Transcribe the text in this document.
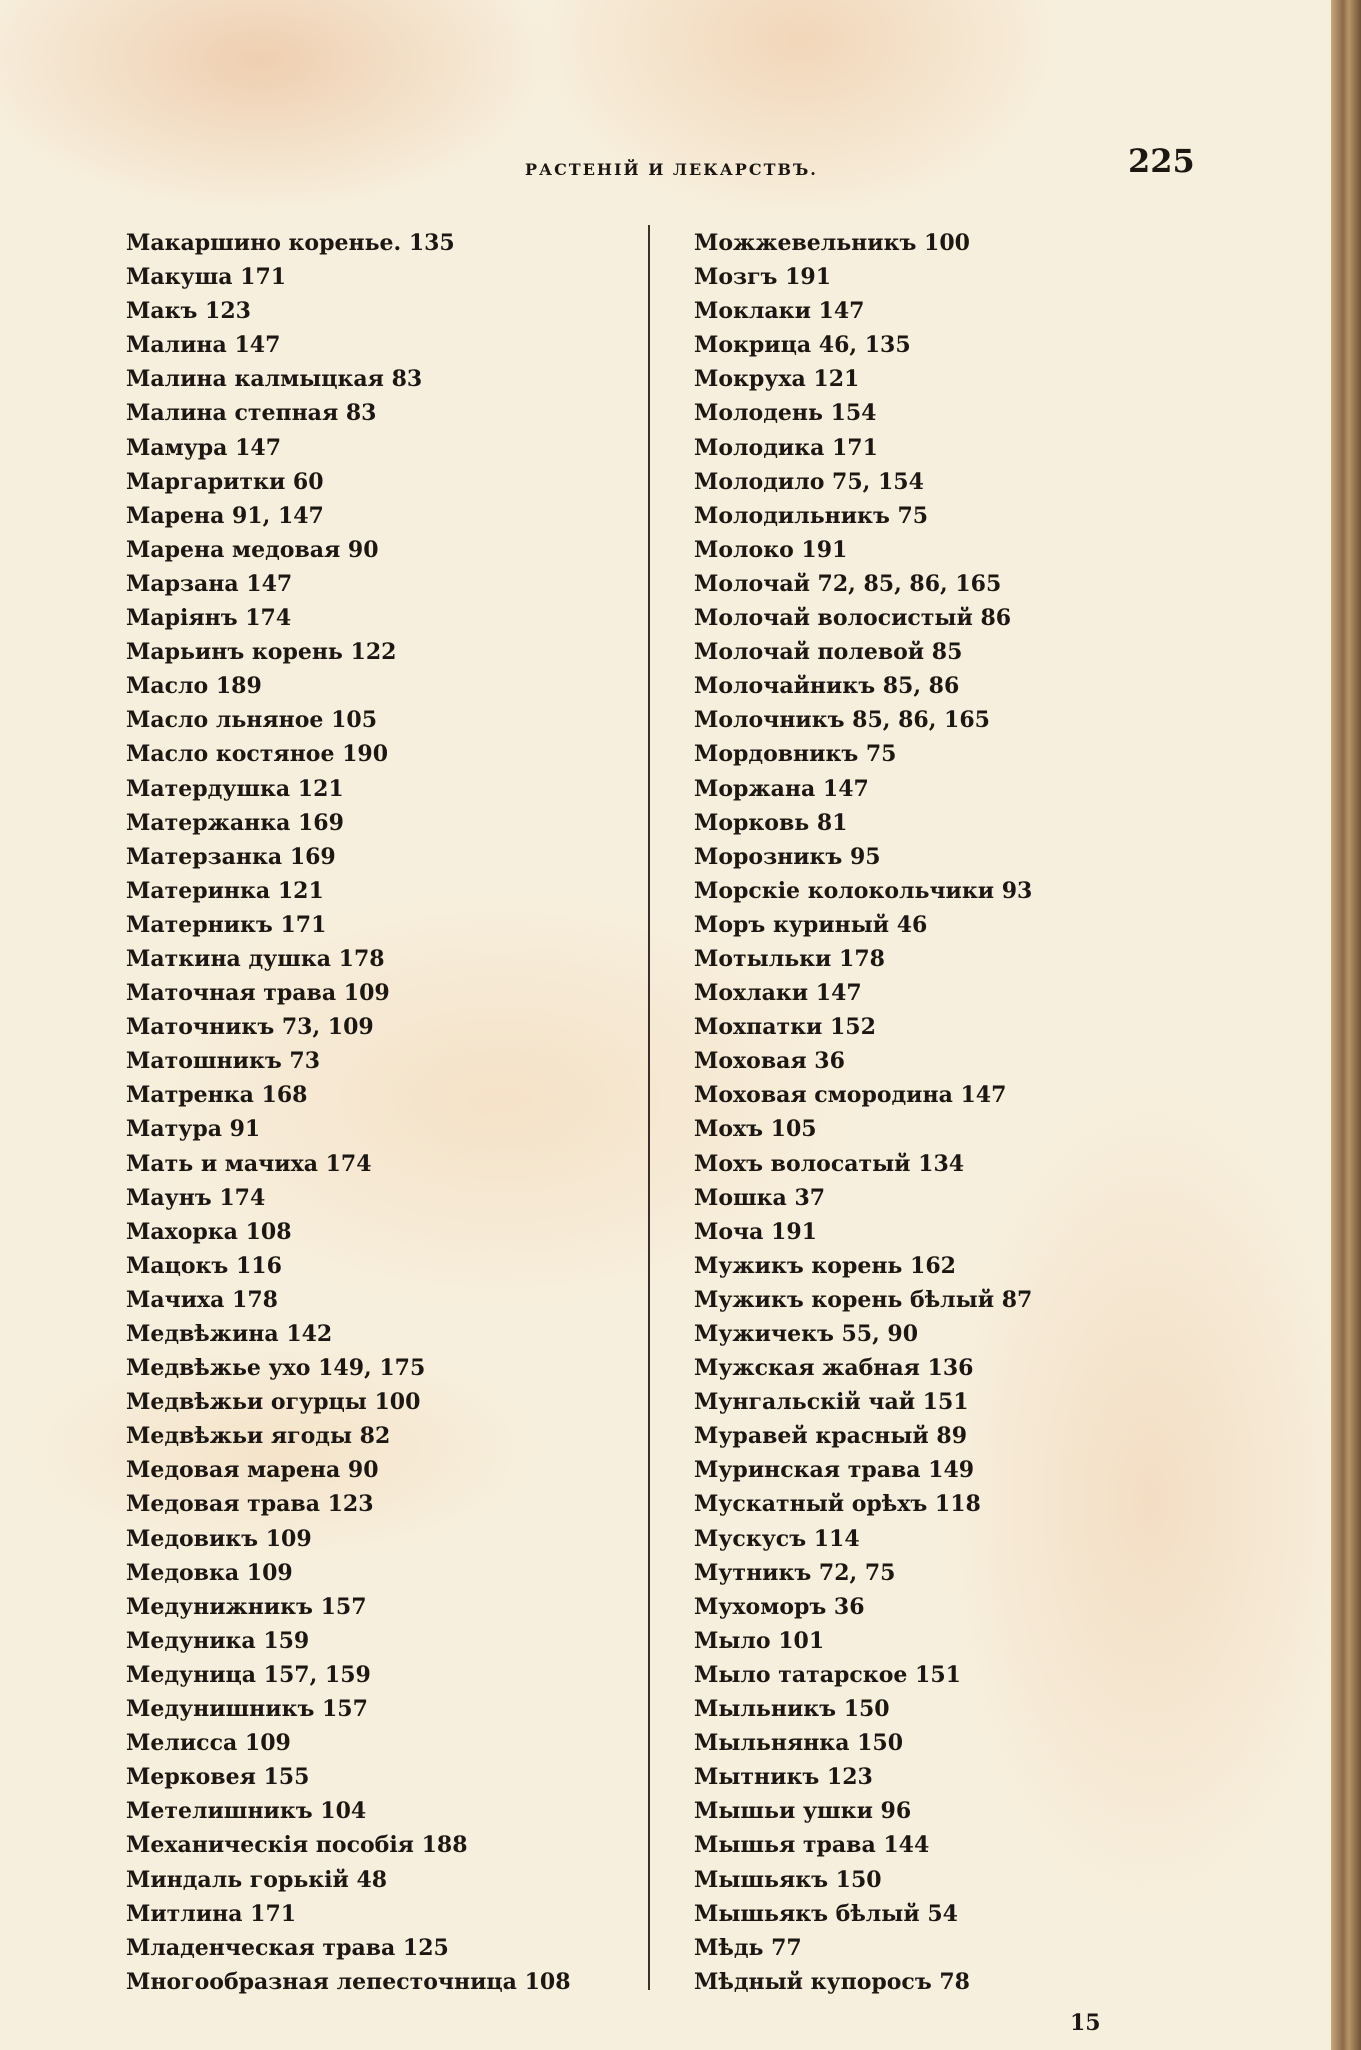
РАСТЕНІЙ И ЛЕКАРСТВЪ.	225
Макаршино коренье. 135
Макуша 171
Макъ 123
Малина 147
Малина калмыцкая 83
Малина степная 83
Мамура 147
Маргаритки 60
Марена 91, 147
Марена медовая 90
Марзана 147
Маріянъ 174
Марьинъ корень 122
Масло 189
Масло льняное 105
Масло костяное 190
Матердушка 121
Матержанка 169
Матерзанка 169
Материнка 121
Матерникъ 171
Маткина душка 178
Маточная трава 109
Маточникъ 73, 109
Матошникъ 73
Матренка 168
Матура 91
Мать и мачиха 174
Маунъ 174
Махорка 108
Мацокъ 116
Мачиха 178
Медвѣжина 142
Медвѣжье ухо 149, 175
Медвѣжьи огурцы 100
Медвѣжьи ягоды 82
Медовая марена 90
Медовая трава 123
Медовикъ 109
Медовка 109
Медунижникъ 157
Медуника 159
Медуница 157, 159
Медунишникъ 157
Мелисса 109
Мерковея 155
Метелишникъ 104
Механическія пособія 188
Миндаль горькій 48
Митлина 171
Младенческая трава 125
Многообразная лепесточница 108
Можжевельникъ 100
Мозгъ 191
Моклаки 147
Мокрица 46, 135
Мокруха 121
Молодень 154
Молодика 171
Молодило 75, 154
Молодильникъ 75
Молоко 191
Молочай 72, 85, 86, 165
Молочай волосистый 86
Молочай полевой 85
Молочайникъ 85, 86
Молочникъ 85, 86, 165
Мордовникъ 75
Моржана 147
Морковь 81
Морозникъ 95
Морскіе колокольчики 93
Моръ куриный 46
Мотыльки 178
Мохлаки 147
Мохпатки 152
Моховая 36
Моховая смородина 147
Мохъ 105
Мохъ волосатый 134
Мошка 37
Моча 191
Мужикъ корень 162
Мужикъ корень бѣлый 87
Мужичекъ 55, 90
Мужская жабная 136
Мунгальскій чай 151
Муравей красный 89
Муринская трава 149
Мускатный орѣхъ 118
Мускусъ 114
Мутникъ 72, 75
Мухоморъ 36
Мыло 101
Мыло татарское 151
Мыльникъ 150
Мыльнянка 150
Мытникъ 123
Мышьи ушки 96
Мышья трава 144
Мышьякъ 150
Мышьякъ бѣлый 54
Мѣдь 77
Мѣдный купоросъ 78
15
